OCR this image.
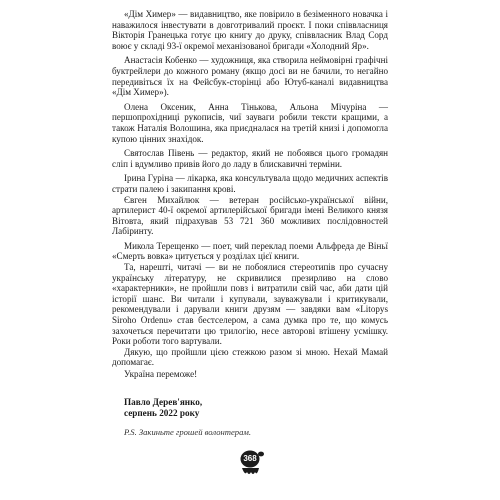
«Дім Химер» — видавництво, яке повірило в безіменного новачка і наважилося інвестувати в довготривалий проєкт. І поки співвласниця Вікторія Гранецька готує цю книгу до друку, співвласник Влад Сорд воює у складі 93-ї окремої механізованої бригади «Холодний Яр».

Анастасія Кобенко — художниця, яка створила неймовірні графічні буктрейлери до кожного роману (якщо досі ви не бачили, то негайно передивіться їх на Фейсбук-сторінці або Ютуб-каналі видавництва «Дім Химер»).

Олена Оксеник, Анна Тінькова, Альона Мічуріна — першопрохідниці рукописів, чиї зауваги робили тексти кращими, а також Наталія Волошина, яка приєдналася на третій книзі і допомогла купою цінних знахідок.

Святослав Півень — редактор, який не побоявся цього громадян сліп і вдумливо привів його до ладу в блискавичні терміни.

Ірина Гуріна — лікарка, яка консультувала щодо медичних аспектів страти палею і закипання крові.

Євген Михайлюк — ветеран російсько-української війни, артилерист 40-ї окремої артилерійської бригади імені Великого князя Вітовта, який підрахував 53 721 360 можливих послідовностей Лабіринту.

Микола Терещенко — поет, чий переклад поеми Альфреда де Віньї «Смерть вовка» цитується у розділах цієї книги.

Та, нарешті, читачі — ви не побоялися стереотипів про сучасну українську літературу, не скривилися презирливо на слово «характерники», не пройшли повз і витратили свій час, аби дати цій історії шанс. Ви читали і купували, зауважували і критикували, рекомендували і дарували книги друзям — завдяки вам «Litopys Siroho Ordenu» став бестселером, а сама думка про те, що комусь захочеться перечитати цю трилогію, несе авторові втішену усмішку. Роки роботи того вартували.

Дякую, що пройшли цією стежкою разом зі мною. Нехай Мамай допомагає.

Україна переможе!

Павло Дерев'янко,
серпень 2022 року
P.S. Закиньте грошей волонтерам.
368
